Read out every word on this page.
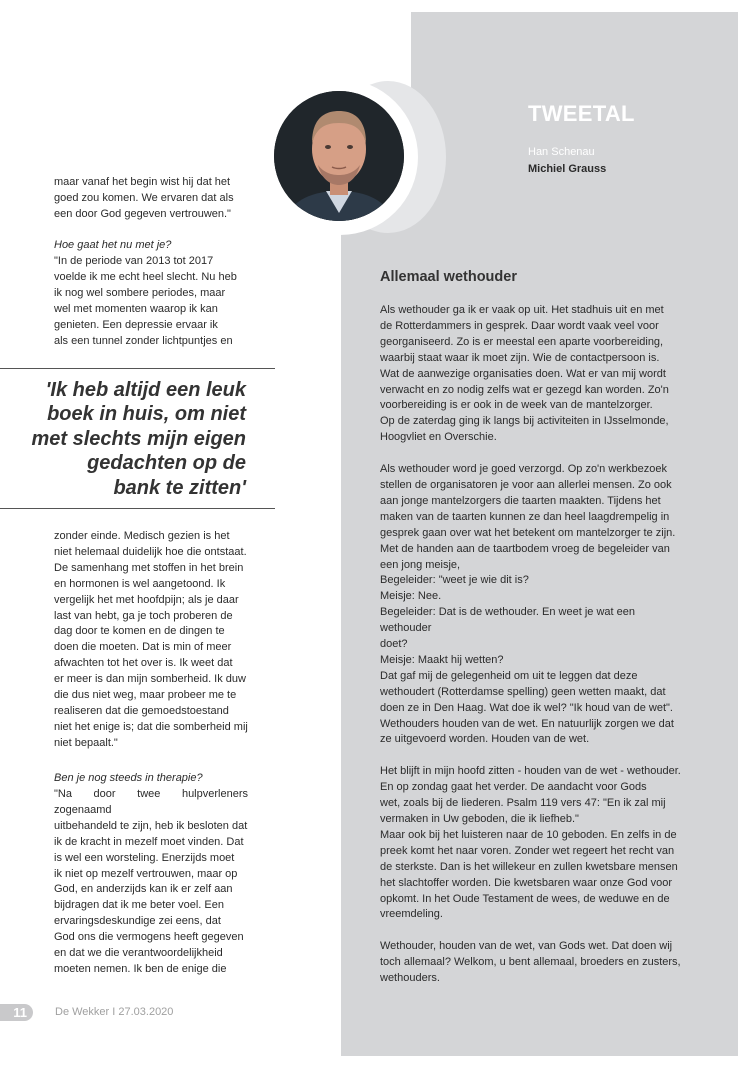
TWEETAL
Han Schenau
Michiel Grauss
Allemaal wethouder

Als wethouder ga ik er vaak op uit. Het stadhuis uit en met

de Rotterdammers in gesprek. Daar wordt vaak veel voor

georganiseerd. Zo is er meestal een aparte voorbereiding,

waarbij staat waar ik moet zijn. Wie de contactpersoon is.

Wat de aanwezige organisaties doen. Wat er van mij wordt

verwacht en zo nodig zelfs wat er gezegd kan worden. Zo'n

voorbereiding is er ook in de week van de mantelzorger.

Op de zaterdag ging ik langs bij activiteiten in IJsselmonde,

Hoogvliet en Overschie.

Als wethouder word je goed verzorgd. Op zo'n werkbezoek

stellen de organisatoren je voor aan allerlei mensen. Zo ook

aan jonge mantelzorgers die taarten maakten. Tijdens het

maken van de taarten kunnen ze dan heel laagdrempelig in

gesprek gaan over wat het betekent om mantelzorger te zijn.

Met de handen aan de taartbodem vroeg de begeleider van

een jong meisje,

Begeleider: "weet je wie dit is?

Meisje: Nee.

Begeleider: Dat is de wethouder. En weet je wat een wethouder

doet?

Meisje: Maakt hij wetten?

Dat gaf mij de gelegenheid om uit te leggen dat deze

wethoudert (Rotterdamse spelling) geen wetten maakt, dat

doen ze in Den Haag. Wat doe ik wel? "Ik houd van de wet".

Wethouders houden van de wet. En natuurlijk zorgen we dat

ze uitgevoerd worden. Houden van de wet.

Het blijft in mijn hoofd zitten - houden van de wet - wethouder.

En op zondag gaat het verder. De aandacht voor Gods

wet, zoals bij de liederen. Psalm 119 vers 47: "En ik zal mij

vermaken in Uw geboden, die ik liefheb."

Maar ook bij het luisteren naar de 10 geboden. En zelfs in de

preek komt het naar voren. Zonder wet regeert het recht van

de sterkste. Dan is het willekeur en zullen kwetsbare mensen

het slachtoffer worden. Die kwetsbaren waar onze God voor

opkomt. In het Oude Testament de wees, de weduwe en de

vreemdeling.

Wethouder, houden van de wet, van Gods wet. Dat doen wij

toch allemaal? Welkom, u bent allemaal, broeders en zusters,

wethouders.

maar vanaf het begin wist hij dat het

goed zou komen. We ervaren dat als

een door God gegeven vertrouwen."

Hoe gaat het nu met je?

"In de periode van 2013 tot 2017

voelde ik me echt heel slecht. Nu heb

ik nog wel sombere periodes, maar

wel met momenten waarop ik kan

genieten. Een depressie ervaar ik

als een tunnel zonder lichtpuntjes en

'Ik heb altijd een leuk
boek in huis, om niet
met slechts mijn eigen
gedachten op de
bank te zitten'

zonder einde. Medisch gezien is het

niet helemaal duidelijk hoe die ontstaat.

De samenhang met stoffen in het brein

en hormonen is wel aangetoond. Ik

vergelijk het met hoofdpijn; als je daar

last van hebt, ga je toch proberen de

dag door te komen en de dingen te

doen die moeten. Dat is min of meer

afwachten tot het over is. Ik weet dat

er meer is dan mijn somberheid. Ik duw

die dus niet weg, maar probeer me te

realiseren dat die gemoedstoestand

niet het enige is; dat die somberheid mij

niet bepaalt."

Ben je nog steeds in therapie?

"Na door twee hulpverleners zogenaamd

uitbehandeld te zijn, heb ik besloten dat

ik de kracht in mezelf moet vinden. Dat

is wel een worsteling. Enerzijds moet

ik niet op mezelf vertrouwen, maar op

God, en anderzijds kan ik er zelf aan

bijdragen dat ik me beter voel. Een

ervaringsdeskundige zei eens, dat

God ons die vermogens heeft gegeven

en dat we die verantwoordelijkheid

moeten nemen. Ik ben de enige die

11	De Wekker I 27.03.2020
